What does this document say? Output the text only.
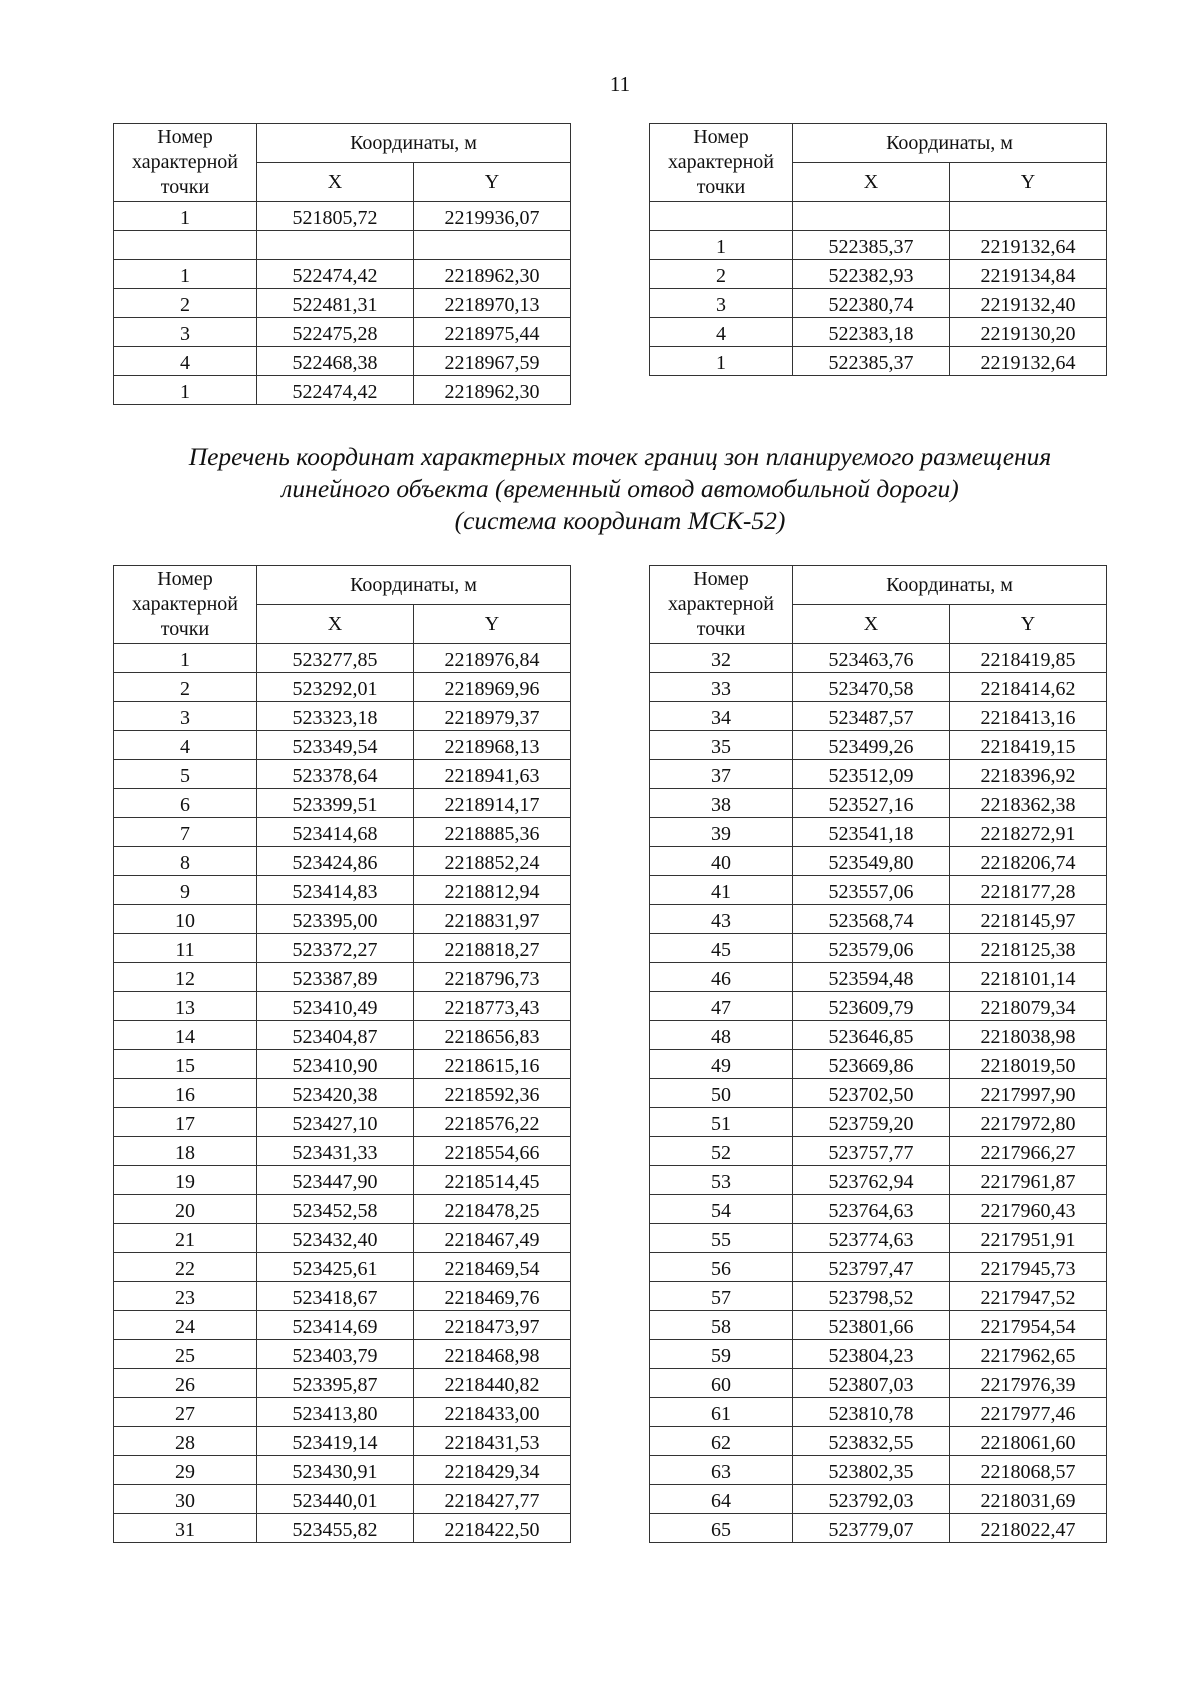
11
Номер характерной точки	Координаты, м	
	X	Y
1	521805,72	2219936,07

1	522474,42	2218962,30
2	522481,31	2218970,13
3	522475,28	2218975,44
4	522468,38	2218967,59
1	522474,42	2218962,30
Номер характерной точки	Координаты, м	
	X	Y

1	522385,37	2219132,64
2	522382,93	2219134,84
3	522380,74	2219132,40
4	522383,18	2219130,20
1	522385,37	2219132,64
Перечень координат характерных точек границ зон планируемого размещения
линейного объекта (временный отвод автомобильной дороги)
(система координат МСК-52)
Номер характерной точки	Координаты, м	
	X	Y
1	523277,85	2218976,84
2	523292,01	2218969,96
3	523323,18	2218979,37
4	523349,54	2218968,13
5	523378,64	2218941,63
6	523399,51	2218914,17
7	523414,68	2218885,36
8	523424,86	2218852,24
9	523414,83	2218812,94
10	523395,00	2218831,97
11	523372,27	2218818,27
12	523387,89	2218796,73
13	523410,49	2218773,43
14	523404,87	2218656,83
15	523410,90	2218615,16
16	523420,38	2218592,36
17	523427,10	2218576,22
18	523431,33	2218554,66
19	523447,90	2218514,45
20	523452,58	2218478,25
21	523432,40	2218467,49
22	523425,61	2218469,54
23	523418,67	2218469,76
24	523414,69	2218473,97
25	523403,79	2218468,98
26	523395,87	2218440,82
27	523413,80	2218433,00
28	523419,14	2218431,53
29	523430,91	2218429,34
30	523440,01	2218427,77
31	523455,82	2218422,50
Номер характерной точки	Координаты, м	
	X	Y
32	523463,76	2218419,85
33	523470,58	2218414,62
34	523487,57	2218413,16
35	523499,26	2218419,15
37	523512,09	2218396,92
38	523527,16	2218362,38
39	523541,18	2218272,91
40	523549,80	2218206,74
41	523557,06	2218177,28
43	523568,74	2218145,97
45	523579,06	2218125,38
46	523594,48	2218101,14
47	523609,79	2218079,34
48	523646,85	2218038,98
49	523669,86	2218019,50
50	523702,50	2217997,90
51	523759,20	2217972,80
52	523757,77	2217966,27
53	523762,94	2217961,87
54	523764,63	2217960,43
55	523774,63	2217951,91
56	523797,47	2217945,73
57	523798,52	2217947,52
58	523801,66	2217954,54
59	523804,23	2217962,65
60	523807,03	2217976,39
61	523810,78	2217977,46
62	523832,55	2218061,60
63	523802,35	2218068,57
64	523792,03	2218031,69
65	523779,07	2218022,47
